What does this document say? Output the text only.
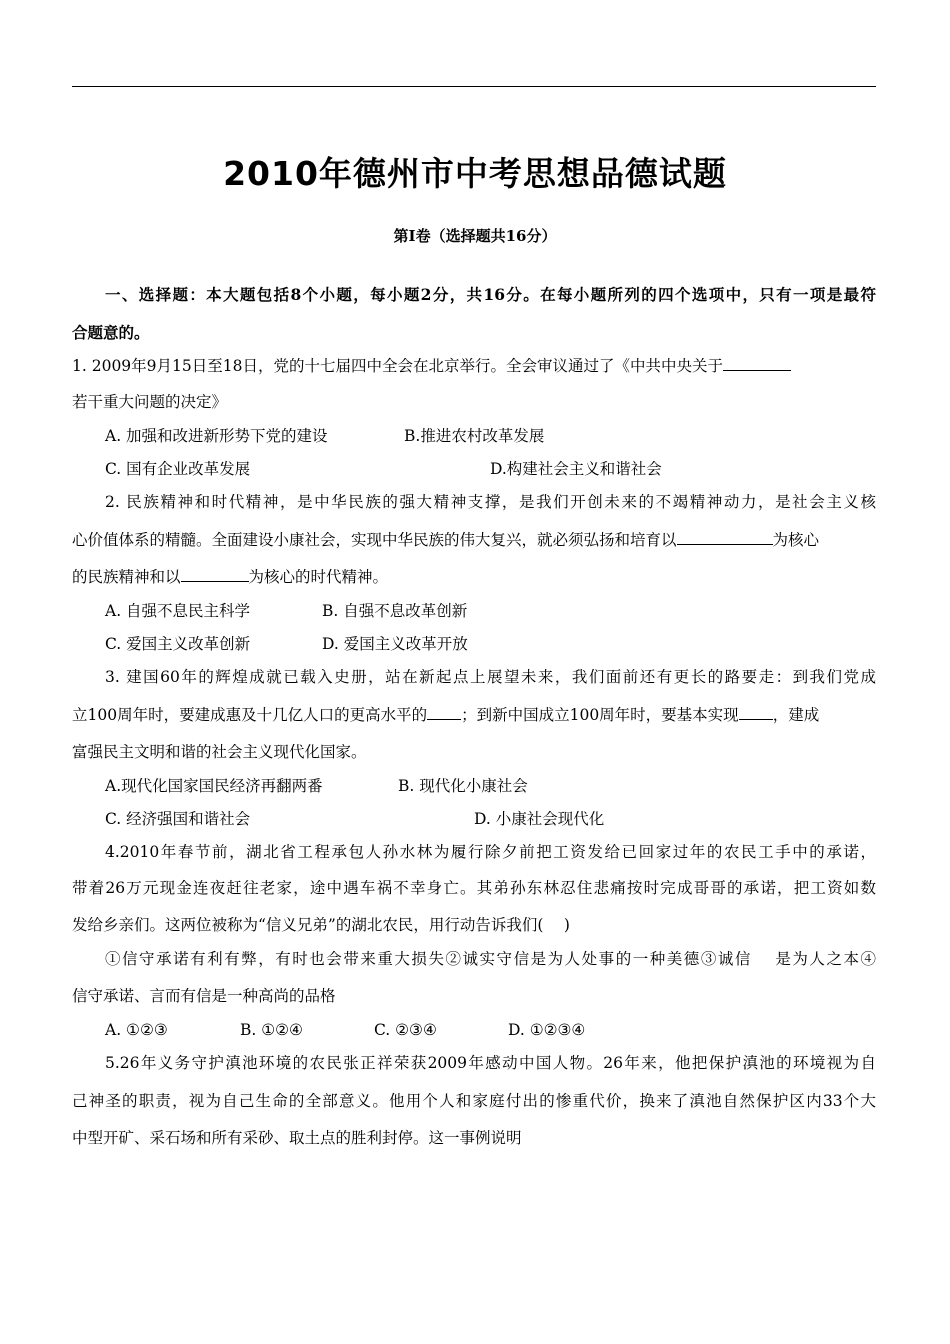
2010年德州市中考思想品德试题
第Ⅰ卷（选择题共16分）
一、选择题：本大题包括8个小题，每小题2分，共16分。在每小题所列的四个选项中，只有一项是最符
合题意的。
1. 2009年9月15日至18日，党的十七届四中全会在北京举行。全会审议通过了《中共中央关于
若干重大问题的决定》
A. 加强和改进新形势下党的建设	B.推进农村改革发展
C. 国有企业改革发展	D.构建社会主义和谐社会
2. 民族精神和时代精神，是中华民族的强大精神支撑，是我们开创未来的不竭精神动力，是社会主义核
心价值体系的精髓。全面建设小康社会，实现中华民族的伟大复兴，就必须弘扬和培育以	为核心
的民族精神和以	为核心的时代精神。
A. 自强不息民主科学	B. 自强不息改革创新
C. 爱国主义改革创新	D. 爱国主义改革开放
3. 建国60年的辉煌成就已载入史册，站在新起点上展望未来，我们面前还有更长的路要走：到我们党成
立100周年时，要建成惠及十几亿人口的更高水平的 ；到新中国成立100周年时，要基本实现 ，建成
富强民主文明和谐的社会主义现代化国家。
A.现代化国家国民经济再翻两番	B. 现代化小康社会
C. 经济强国和谐社会	D. 小康社会现代化
4.2010年春节前，湖北省工程承包人孙水林为履行除夕前把工资发给已回家过年的农民工手中的承诺，
带着26万元现金连夜赶往老家，途中遇车祸不幸身亡。其弟孙东林忍住悲痛按时完成哥哥的承诺，把工资如数
发给乡亲们。这两位被称为“信义兄弟”的湖北农民，用行动告诉我们(　 )
①信守承诺有利有弊，有时也会带来重大损失②诚实守信是为人处事的一种美德③诚信　 是为人之本④
信守承诺、言而有信是一种高尚的品格
A. ①②③	B. ①②④	C. ②③④	D. ①②③④
5.26年义务守护滇池环境的农民张正祥荣获2009年感动中国人物。26年来，他把保护滇池的环境视为自
己神圣的职责，视为自己生命的全部意义。他用个人和家庭付出的惨重代价，换来了滇池自然保护区内33个大
中型开矿、采石场和所有采砂、取土点的胜利封停。这一事例说明
